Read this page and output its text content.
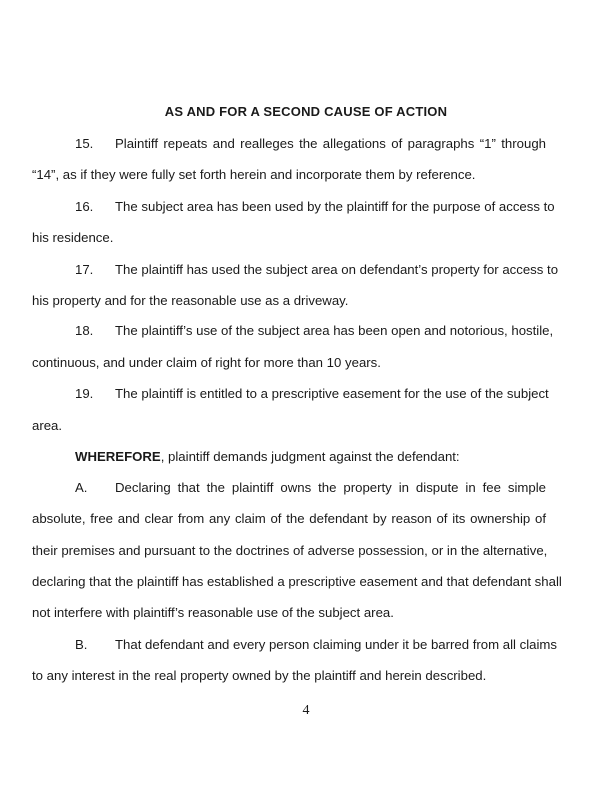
AS AND FOR A SECOND CAUSE OF ACTION
15. Plaintiff repeats and realleges the allegations of paragraphs “1” through
“14”, as if they were fully set forth herein and incorporate them by reference.
16. The subject area has been used by the plaintiff for the purpose of access to
his residence.
17. The plaintiff has used the subject area on defendant’s property for access to
his property and for the reasonable use as a driveway.
18. The plaintiff’s use of the subject area has been open and notorious, hostile,
continuous, and under claim of right for more than 10 years.
19. The plaintiff is entitled to a prescriptive easement for the use of the subject
area.
WHEREFORE, plaintiff demands judgment against the defendant:
A. Declaring that the plaintiff owns the property in dispute in fee simple
absolute, free and clear from any claim of the defendant by reason of its ownership of
their premises and pursuant to the doctrines of adverse possession, or in the alternative,
declaring that the plaintiff has established a prescriptive easement and that defendant shall
not interfere with plaintiff’s reasonable use of the subject area.
B. That defendant and every person claiming under it be barred from all claims
to any interest in the real property owned by the plaintiff and herein described.
4
